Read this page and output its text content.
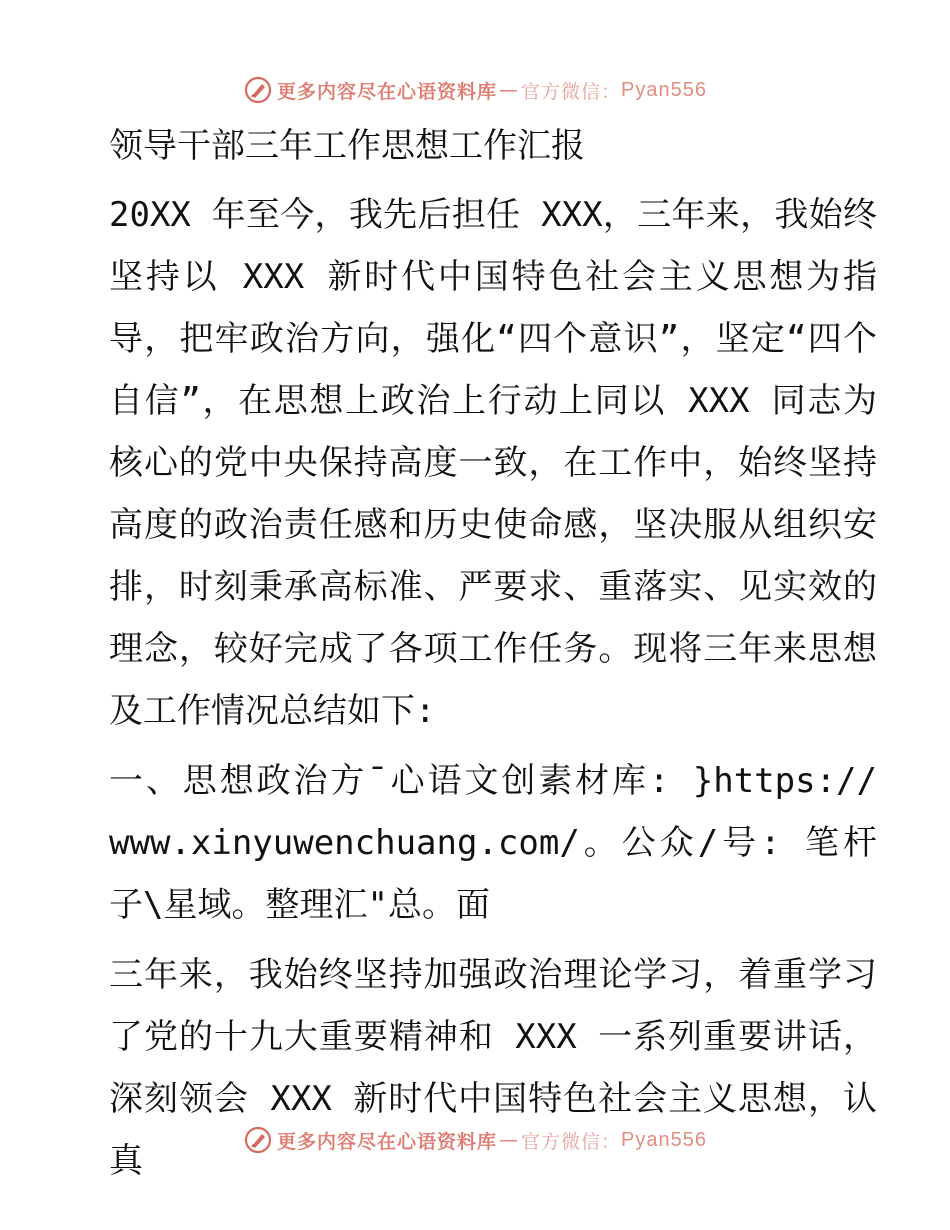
更多内容尽在心语资料库 — 官方微信： Pyan556

领导干部三年工作思想工作汇报

20XX 年至今，我先后担任 XXX，三年来，我始终坚持以 XXX 新时代中国特色社会主义思想为指导，把牢政治方向，强化“四个意识”，坚定“四个自信”，在思想上政治上行动上同以 XXX 同志为核心的党中央保持高度一致，在工作中，始终坚持高度的政治责任感和历史使命感，坚决服从组织安排，时刻秉承高标准、严要求、重落实、见实效的理念，较好完成了各项工作任务。现将三年来思想及工作情况总结如下:

一、思想政治方¯心语文创素材库: }https:// www.xinyuwenchuang.com/。公众/号: 笔杆子\星域。整理汇"总。面

三年来，我始终坚持加强政治理论学习，着重学习了党的十九大重要精神和 XXX 一系列重要讲话，深刻领会 XXX 新时代中国特色社会主义思想，认真	更多内容尽在心语资料库 — 官方微信： Pyan556
